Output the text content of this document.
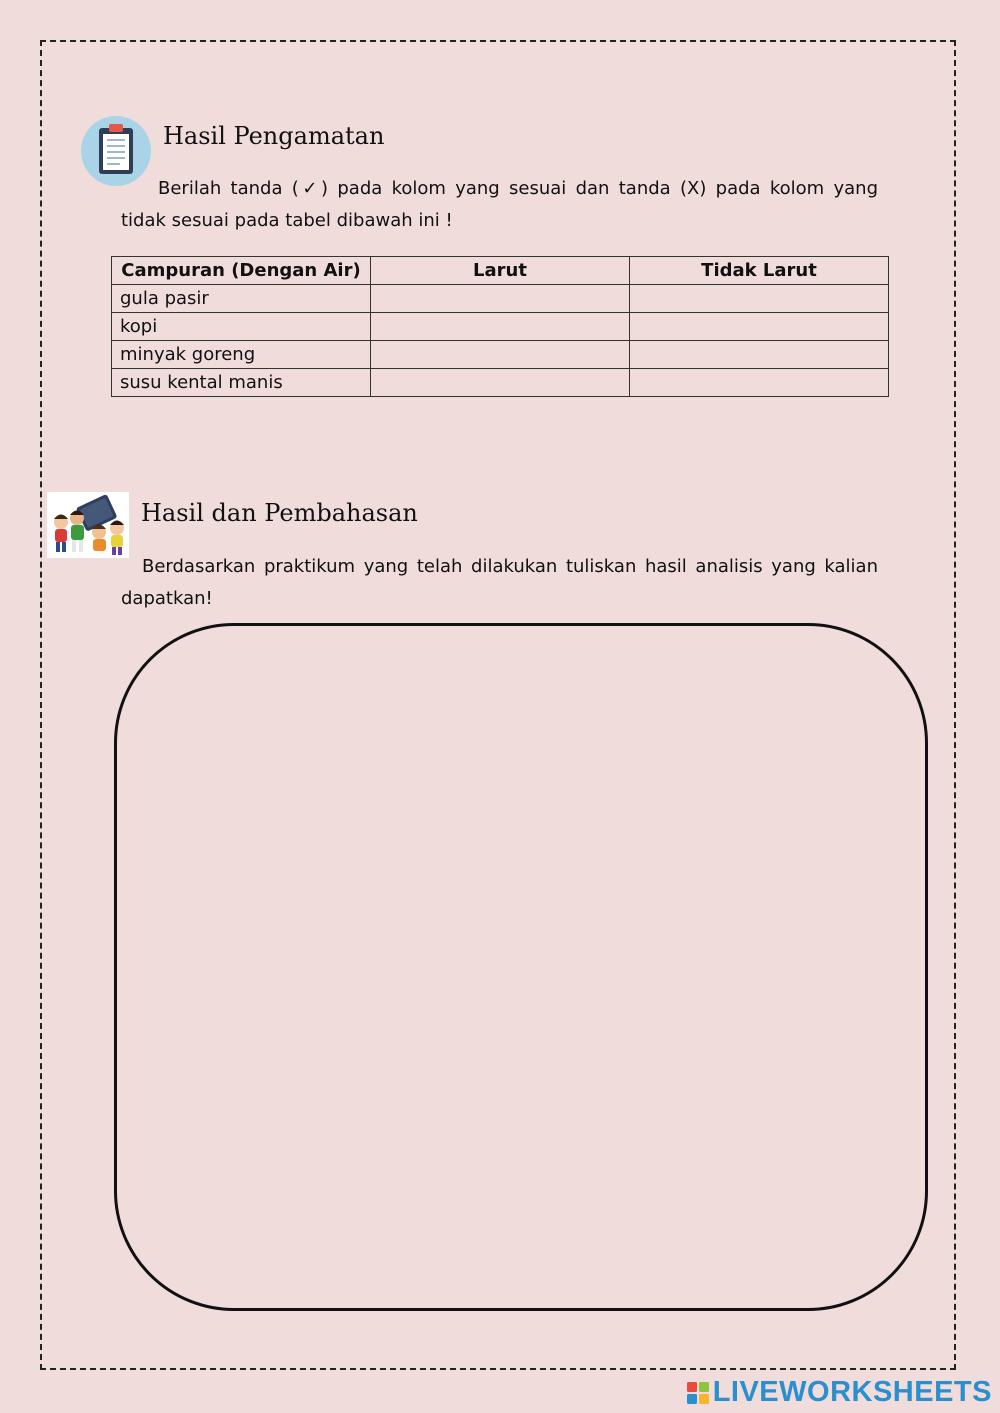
Hasil Pengamatan

Berilah tanda (✓) pada kolom yang sesuai dan tanda (X) pada kolom yang tidak sesuai pada tabel dibawah ini !

Campuran (Dengan Air)	Larut	Tidak Larut
gula pasir		
kopi		
minyak goreng		
susu kental manis		
Hasil dan Pembahasan

Berdasarkan praktikum yang telah dilakukan tuliskan hasil analisis yang kalian dapatkan!

LIVEWORKSHEETS
